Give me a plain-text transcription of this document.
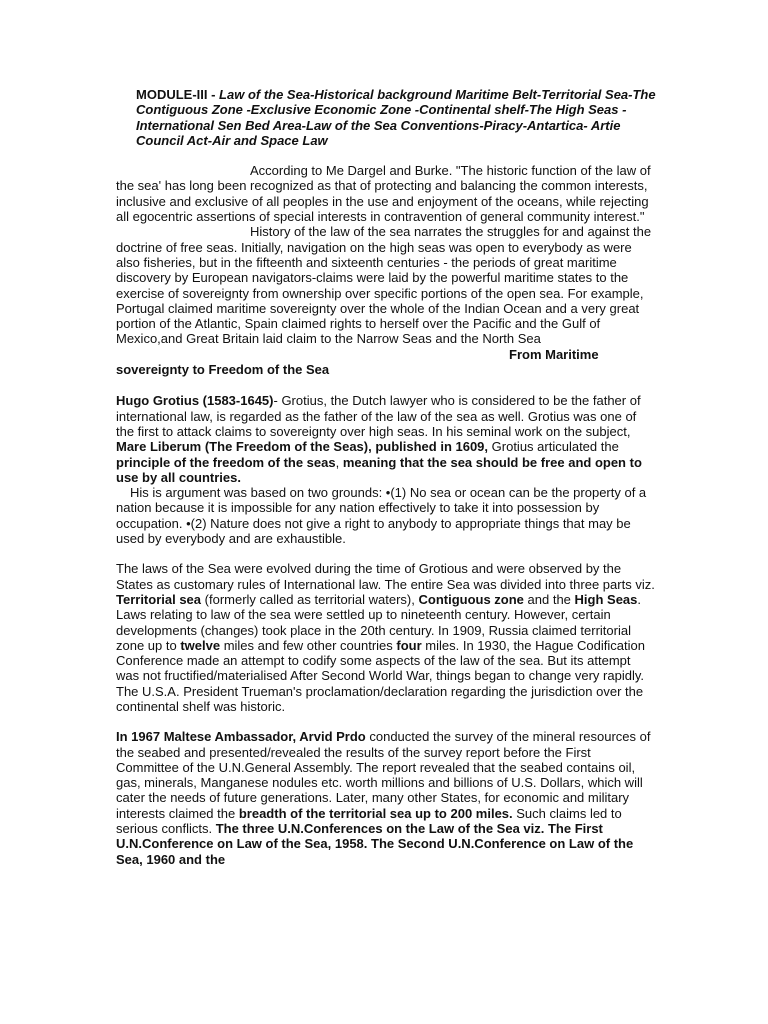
MODULE-III - Law of the Sea-Historical background Maritime Belt-Territorial Sea-The Contiguous Zone -Exclusive Economic Zone -Continental shelf-The High Seas -International Sen Bed Area-Law of the Sea Conventions-Piracy-Antartica- Artie Council Act-Air and Space Law

According to Me Dargel and Burke. "The historic function of the law of the sea' has long been recognized as that of protecting and balancing the common interests, inclusive and exclusive of all peoples in the use and enjoyment of the oceans, while rejecting all egocentric assertions of special interests in contravention of general community interest."

History of the law of the sea narrates the struggles for and against the doctrine of free seas. Initially, navigation on the high seas was open to everybody as were also fisheries, but in the fifteenth and sixteenth centuries - the periods of great maritime discovery by European navigators-claims were laid by the powerful maritime states to the exercise of sovereignty from ownership over specific portions of the open sea. For example, Portugal claimed maritime sovereignty over the whole of the Indian Ocean and a very great portion of the Atlantic, Spain claimed rights to herself over the Pacific and the Gulf of Mexico,and Great Britain laid claim to the Narrow Seas and the North Sea

From Maritime

sovereignty to Freedom of the Sea

Hugo Grotius (1583-1645)- Grotius, the Dutch lawyer who is considered to be the father of international law, is regarded as the father of the law of the sea as well. Grotius was one of the first to attack claims to sovereignty over high seas. In his seminal work on the subject, Mare Liberum (The Freedom of the Seas), published in 1609, Grotius articulated the principle of the freedom of the seas, meaning that the sea should be free and open to use by all countries.

His is argument was based on two grounds: •(1) No sea or ocean can be the property of a nation because it is impossible for any nation effectively to take it into possession by occupation. •(2) Nature does not give a right to anybody to appropriate things that may be used by everybody and are exhaustible.

The laws of the Sea were evolved during the time of Grotious and were observed by the States as customary rules of International law. The entire Sea was divided into three parts viz. Territorial sea (formerly called as territorial waters), Contiguous zone and the High Seas. Laws relating to law of the sea were settled up to nineteenth century. However, certain developments (changes) took place in the 20th century. In 1909, Russia claimed territorial zone up to twelve miles and few other countries four miles. In 1930, the Hague Codification Conference made an attempt to codify some aspects of the law of the sea. But its attempt was not fructified/materialised After Second World War, things began to change very rapidly. The U.S.A. President Trueman's proclamation/declaration regarding the jurisdiction over the continental shelf was historic.

In 1967 Maltese Ambassador, Arvid Prdo conducted the survey of the mineral resources of the seabed and presented/revealed the results of the survey report before the First Committee of the U.N.General Assembly. The report revealed that the seabed contains oil, gas, minerals, Manganese nodules etc. worth millions and billions of U.S. Dollars, which will cater the needs of future generations. Later, many other States, for economic and military interests claimed the breadth of the territorial sea up to 200 miles. Such claims led to serious conflicts. The three U.N.Conferences on the Law of the Sea viz. The First U.N.Conference on Law of the Sea, 1958. The Second U.N.Conference on Law of the Sea, 1960 and the
